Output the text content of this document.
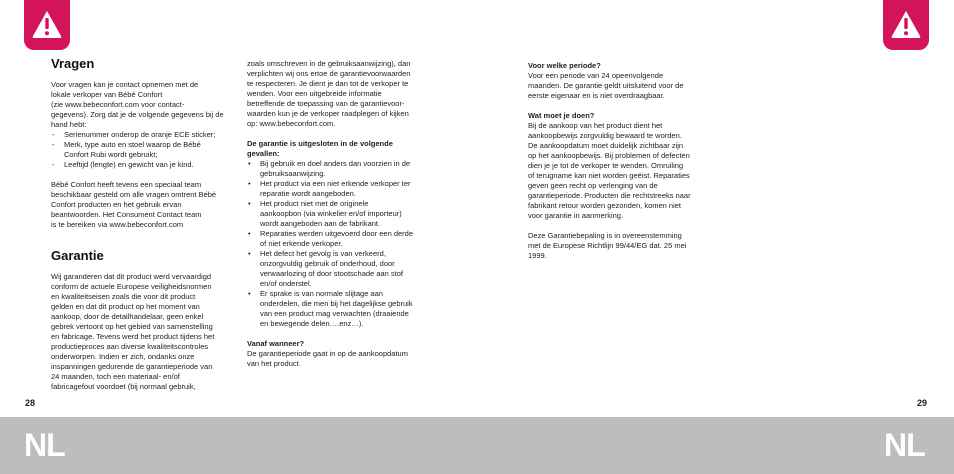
Vragen

Voor vragen kan je contact opnemen met de
lokale verkoper van Bébé Confort
(zie www.bebeconfort.com voor contact-
gegevens). Zorg dat je de volgende gegevens bij de
hand hebt:

- Serienummer onderop de oranje ECE sticker;
- Merk, type auto en stoel waarop de Bébé
Confort Rubi wordt gebruikt;
- Leeftijd (lengte) en gewicht van je kind.

Bébé Confort heeft tevens een speciaal team
beschikbaar gesteld om alle vragen omtrent Bébé
Confort producten en het gebruik ervan
beantwoorden. Het Consument Contact team
is te bereiken via www.bebeconfort.com

Garantie

Wij garanderen dat dit product werd vervaardigd
conform de actuele Europese veiligheidsnormen
en kwaliteitseisen zoals die voor dit product
gelden en dat dit product op het moment van
aankoop, door de detailhandelaar, geen enkel
gebrek vertoont op het gebied van samenstelling
en fabricage. Tevens werd het product tijdens het
productieproces aan diverse kwaliteitscontroles
onderworpen. Indien er zich, ondanks onze
inspanningen gedurende de garantieperiode van
24 maanden, toch een materiaal- en/of
fabricagefout voordoet (bij normaal gebruik,

zoals omschreven in de gebruiksaanwijzing), dan
verplichten wij ons ertoe de garantievoorwaarden
te respecteren. Je dient je dan tot de verkoper te
wenden. Voor een uitgebreide informatie
betreffende de toepassing van de garantievoor-
waarden kun je de verkoper raadplegen of kijken
op: www.bebeconfort.com.

De garantie is uitgesloten in de volgende
gevallen:

• Bij gebruik en doel anders dan voorzien in de
gebruiksaanwijzing.
• Het product via een niet erkende verkoper ter
reparatie wordt aangeboden.
• Het product niet met de originele
aankoopbon (via winkelier en/of importeur)
wordt aangeboden aan de fabrikant.
• Reparaties werden uitgevoerd door een derde
of niet erkende verkoper.
• Het defect het gevolg is van verkeerd,
onzorgvuldig gebruik of onderhoud, door
verwaarlozing of door stootschade aan stof
en/of onderstel.
• Er sprake is van normale slijtage aan
onderdelen, die men bij het dagelijkse gebruik
van een product mag verwachten (draaiende
en bewegende delen….enz…).

Vanaf wanneer?

De garantieperiode gaat in op de aankoopdatum
van het product.

Voor welke periode?

Voor een periode van 24 opeenvolgende
maanden. De garantie geldt uitsluitend voor de
eerste eigenaar en is niet overdraagbaar.

Wat moet je doen?

Bij de aankoop van het product dient het
aankoopbewijs zorgvuldig bewaard te worden.
De aankoopdatum moet duidelijk zichtbaar zijn
op het aankoopbewijs. Bij problemen of defecten
dien je je tot de verkoper te wenden. Omruiling
of terugname kan niet worden geëist. Reparaties
geven geen recht op verlenging van de
garantieperiode. Producten die rechtstreeks naar
fabrikant retour worden gezonden, komen niet
voor garantie in aanmerking.

Deze Garantiebepaling is in overeenstemming
met de Europese Richtlijn 99/44/EG dat. 25 mei
1999.

28	29
NL	NL
